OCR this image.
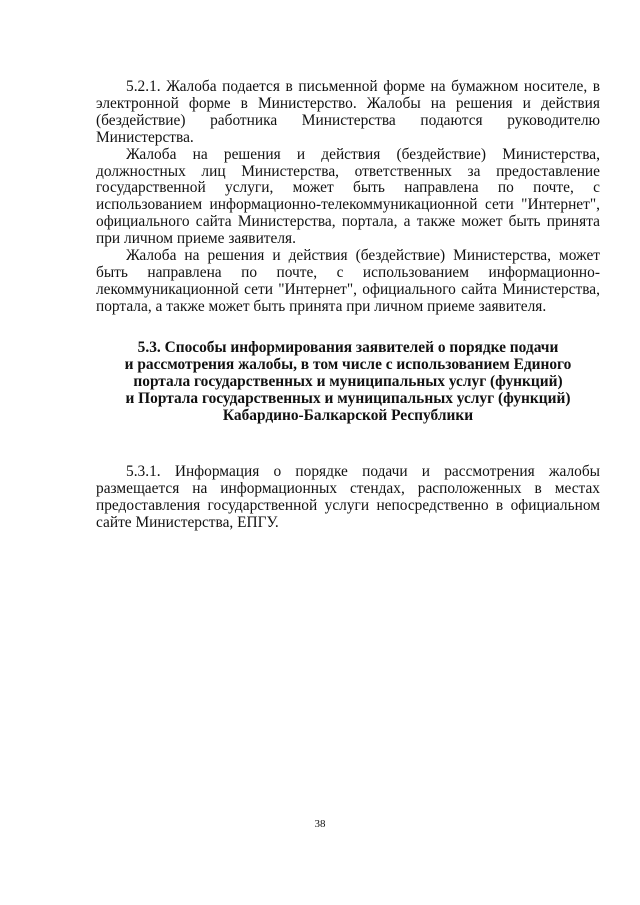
5.2.1. Жалоба подается в письменной форме на бумажном носителе, в электронной форме в Министерство. Жалобы на решения и действия (бездействие) работника Министерства подаются руководителю Министерства.

Жалоба на решения и действия (бездействие) Министерства, должностных лиц Министерства, ответственных за предоставление государственной услуги, может быть направлена по почте, с использованием информационно-телекоммуникационной сети "Интернет", официального сайта Министерства, портала, а также может быть принята при личном приеме заявителя.

Жалоба на решения и действия (бездействие) Министерства, может быть направлена по почте, с использованием информационно-лекоммуникационной сети "Интернет", официального сайта Министерства, портала, а также может быть принята при личном приеме заявителя.

5.3. Способы информирования заявителей о порядке подачи
и рассмотрения жалобы, в том числе с использованием Единого
портала государственных и муниципальных услуг (функций)
и Портала государственных и муниципальных услуг (функций)
Кабардино-Балкарской Республики

5.3.1. Информация о порядке подачи и рассмотрения жалобы размещается на информационных стендах, расположенных в местах предоставления государственной услуги непосредственно в официальном сайте Министерства, ЕПГУ.

38
